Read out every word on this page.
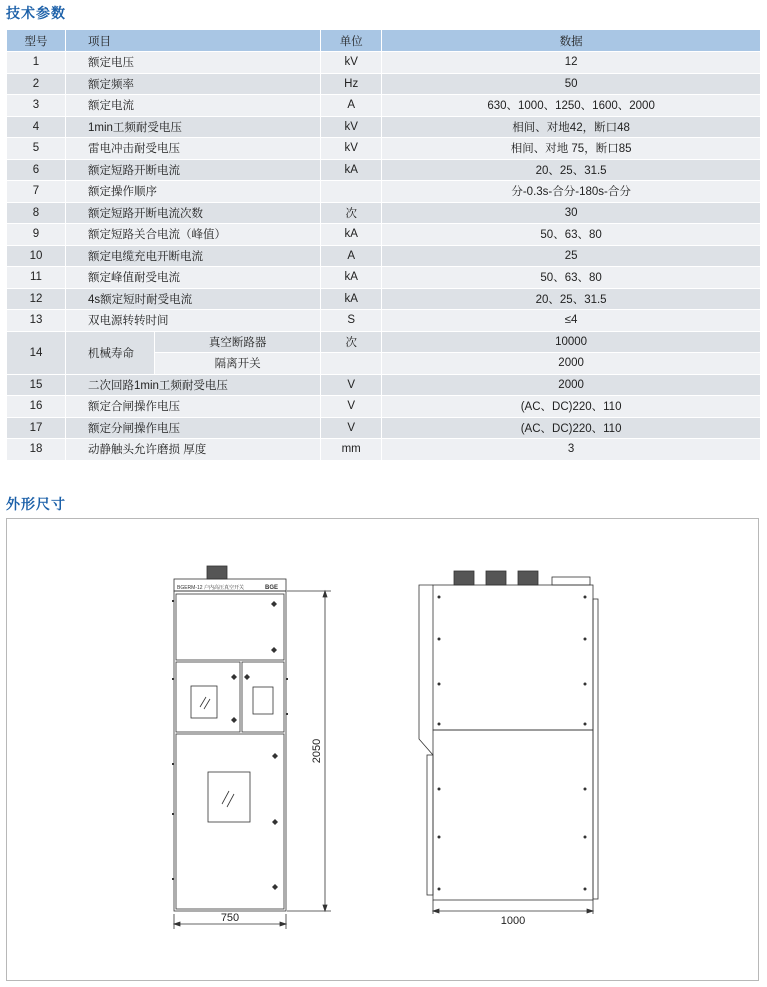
技术参数
型号	项目		单位	数据
1	额定电压		kV	12
2	额定频率		Hz	50
3	额定电流		A	630、1000、1250、1600、2000
4	1min工频耐受电压		kV	相间、对地42，断口48
5	雷电冲击耐受电压		kV	相间、对地 75，断口85
6	额定短路开断电流		kA	20、25、31.5
7	额定操作顺序			分-0.3s-合分-180s-合分
8	额定短路开断电流次数		次	30
9	额定短路关合电流（峰值）		kA	50、63、80
10	额定电缆充电开断电流		A	25
11	额定峰值耐受电流		kA	50、63、80
12	4s额定短时耐受电流		kA	20、25、31.5
13	双电源转转时间		S	≤4
14	机械寿命	真空断路器	次	10000
		隔离开关		2000
15	二次回路1min工频耐受电压		V	2000
16	额定合闸操作电压		V	(AC、DC)220、110
17	额定分闸操作电压		V	(AC、DC)220、110
18	动静触头允许磨损 厚度		mm	3
外形尺寸
BGERM-12 户内高压真空开关	BGE
750
2050
1000
